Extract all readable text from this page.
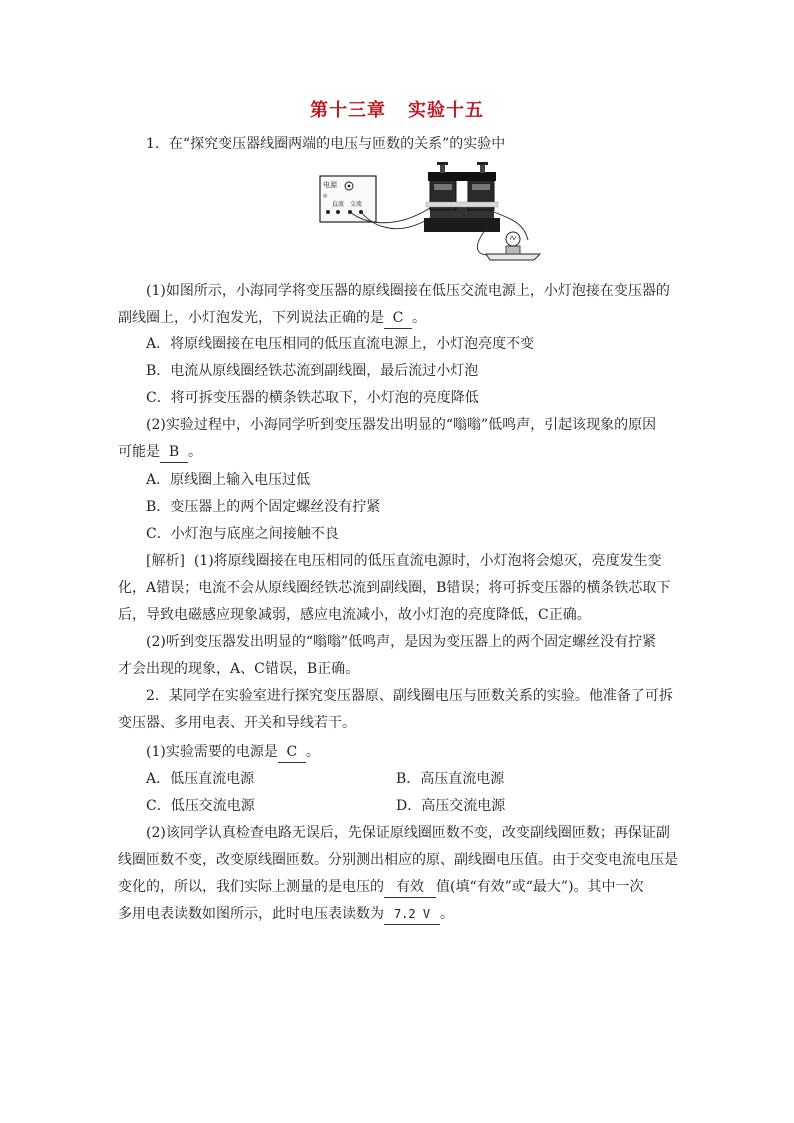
第十三章 实验十五
1．在“探究变压器线圈两端的电压与匝数的关系”的实验中
电源
◎
直流 交流
(1)如图所示，小海同学将变压器的原线圈接在低压交流电源上，小灯泡接在变压器的
副线圈上，小灯泡发光，下列说法正确的是 C 。
A．将原线圈接在电压相同的低压直流电源上，小灯泡亮度不变
B．电流从原线圈经铁芯流到副线圈，最后流过小灯泡
C．将可拆变压器的横条铁芯取下，小灯泡的亮度降低
(2)实验过程中，小海同学听到变压器发出明显的“嗡嗡”低鸣声，引起该现象的原因
可能是 B 。
A．原线圈上输入电压过低
B．变压器上的两个固定螺丝没有拧紧
C．小灯泡与底座之间接触不良
[解析] (1)将原线圈接在电压相同的低压直流电源时，小灯泡将会熄灭，亮度发生变
化，A错误；电流不会从原线圈经铁芯流到副线圈，B错误；将可拆变压器的横条铁芯取下
后，导致电磁感应现象减弱，感应电流减小，故小灯泡的亮度降低，C正确。
(2)听到变压器发出明显的“嗡嗡”低鸣声，是因为变压器上的两个固定螺丝没有拧紧
才会出现的现象，A、C错误，B正确。
2．某同学在实验室进行探究变压器原、副线圈电压与匝数关系的实验。他准备了可拆
变压器、多用电表、开关和导线若干。
(1)实验需要的电源是 C 。
A．低压直流电源	B．高压直流电源
C．低压交流电源	D．高压交流电源
(2)该同学认真检查电路无误后，先保证原线圈匝数不变，改变副线圈匝数；再保证副
线圈匝数不变，改变原线圈匝数。分别测出相应的原、副线圈电压值。由于交变电流电压是
变化的，所以，我们实际上测量的是电压的 有效 值(填“有效”或“最大”)。其中一次
多用电表读数如图所示，此时电压表读数为 7.2 V 。
